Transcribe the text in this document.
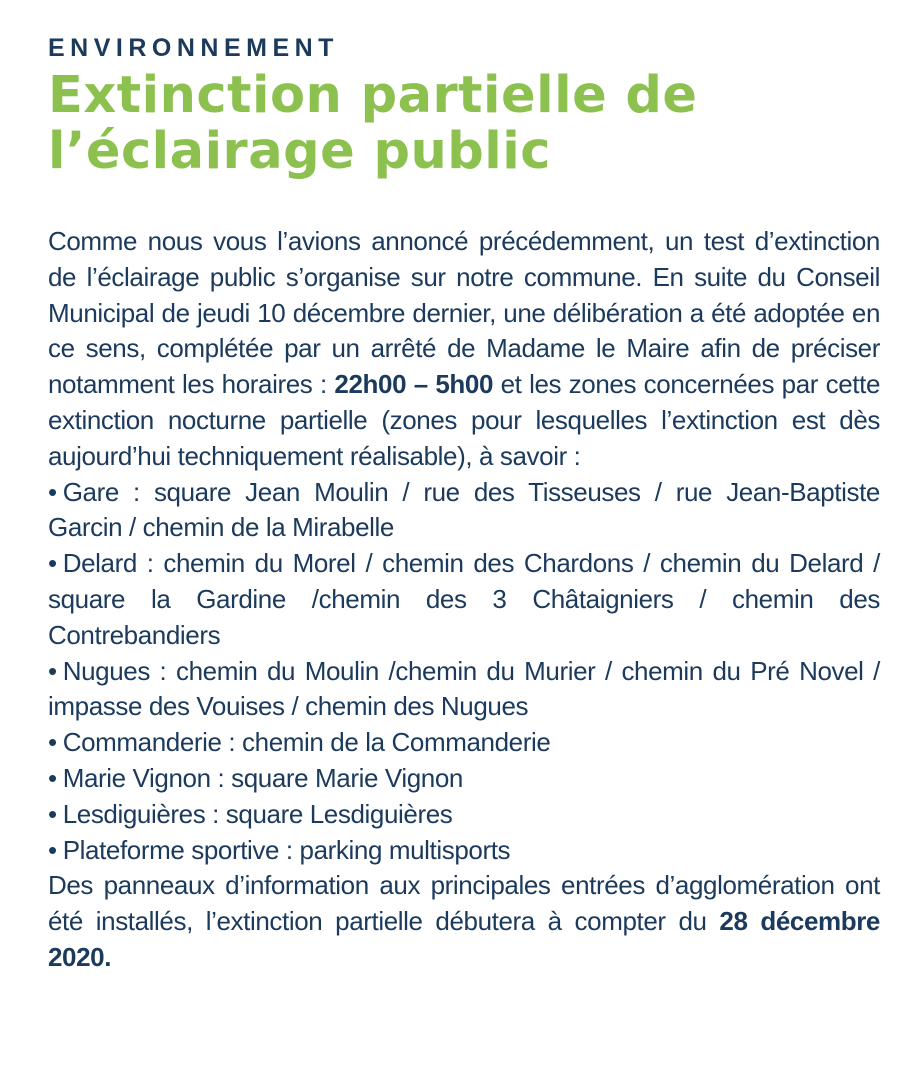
ENVIRONNEMENT
Extinction partielle de
l’éclairage public

Comme nous vous l’avions annoncé précédemment, un test d’extinction de l’éclairage public s’organise sur notre commune. En suite du Conseil Municipal de jeudi 10 décembre dernier, une délibération a été adoptée en ce sens, complétée par un arrêté de Madame le Maire afin de préciser notamment les horaires : 22h00 – 5h00 et les zones concernées par cette extinction nocturne partielle (zones pour lesquelles l’extinction est dès aujourd’hui techniquement réalisable), à savoir :

• Gare : square Jean Moulin / rue des Tisseuses / rue Jean-Baptiste Garcin / chemin de la Mirabelle
• Delard : chemin du Morel / chemin des Chardons / chemin du Delard / square la Gardine /chemin des 3 Châtaigniers / chemin des Contrebandiers
• Nugues : chemin du Moulin /chemin du Murier / chemin du Pré Novel / impasse des Vouises / chemin des Nugues
• Commanderie : chemin de la Commanderie
• Marie Vignon : square Marie Vignon
• Lesdiguières : square Lesdiguières
• Plateforme sportive : parking multisports

Des panneaux d’information aux principales entrées d’agglomération ont été installés, l’extinction partielle débutera à compter du 28 décembre 2020.
